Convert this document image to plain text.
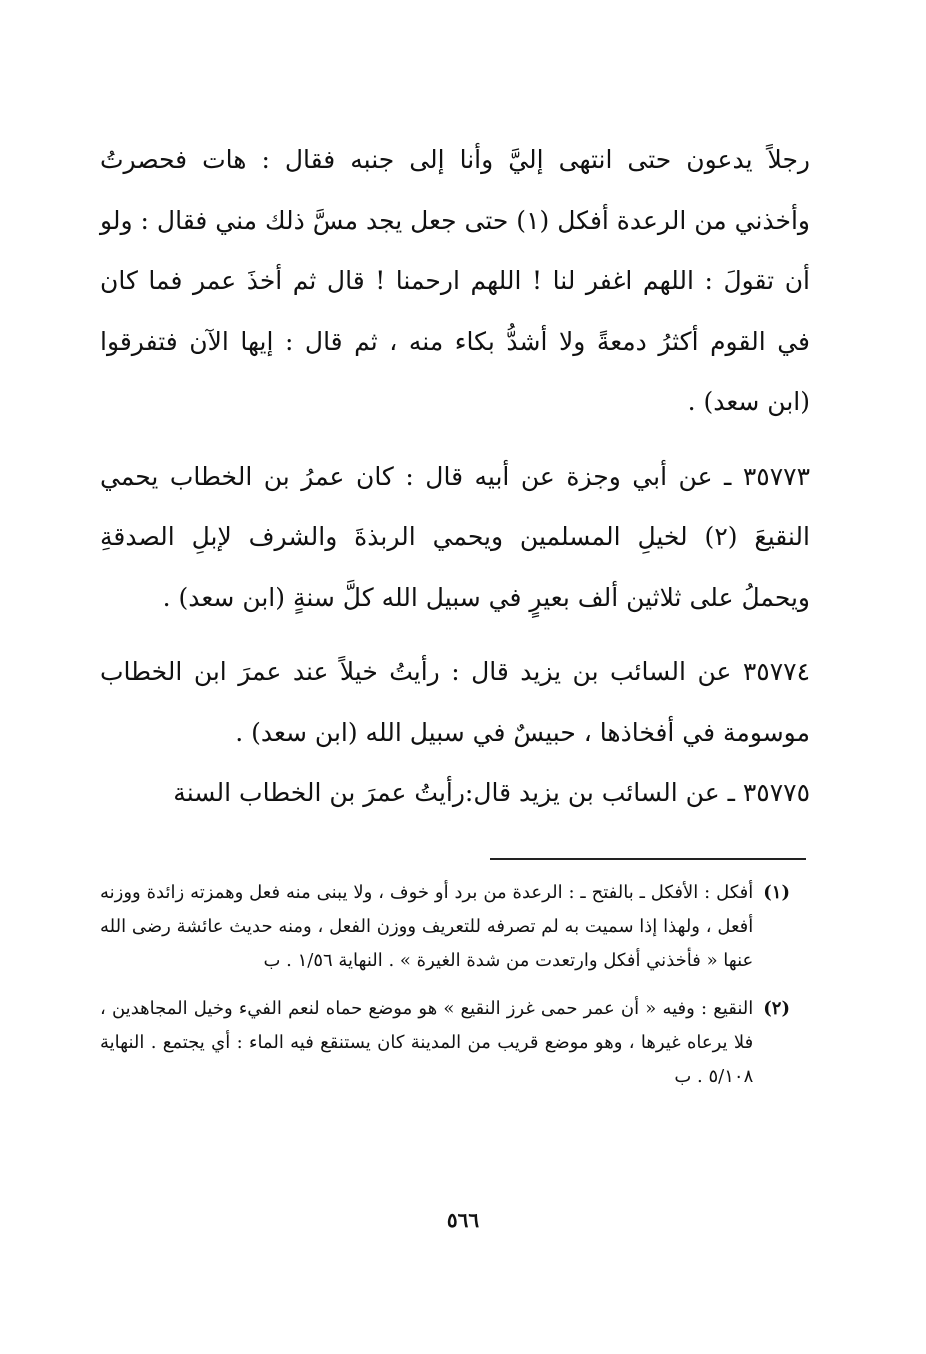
رجلاً يدعون حتى انتهى إليَّ وأنا إلى جنبه فقال : هات فحصرتُ وأخذني من الرعدة أفكل (١) حتى جعل يجد مسَّ ذلك مني فقال : ولو أن تقولَ : اللهم اغفر لنا ! اللهم ارحمنا ! قال ثم أخذَ عمر فما كان في القوم أكثرُ دمعةً ولا أشدُّ بكاء منه ، ثم قال : إيها الآن فتفرقوا (ابن سعد) .

٣٥٧٧٣ ـ عن أبي وجزة عن أبيه قال : كان عمرُ بن الخطاب يحمي النقيعَ (٢) لخيلِ المسلمين ويحمي الربذةَ والشرف لإبلِ الصدقةِ ويحملُ على ثلاثين ألف بعيرٍ في سبيل الله كلَّ سنةٍ (ابن سعد) .

٣٥٧٧٤ عن السائب بن يزيد قال : رأيتُ خيلاً عند عمرَ ابن الخطاب موسومة في أفخاذها ، حبيسٌ في سبيل الله (ابن سعد) .

٣٥٧٧٥ ـ عن السائب بن يزيد قال:رأيتُ عمرَ بن الخطاب السنة

(١)
أفكل : الأفكل ـ بالفتح ـ : الرعدة من برد أو خوف ، ولا يبنى منه فعل وهمزته زائدة ووزنه أفعل ، ولهذا إذا سميت به لم تصرفه للتعريف ووزن الفعل ، ومنه حديث عائشة رضى الله عنها « فأخذني أفكل وارتعدت من شدة الغيرة » . النهاية ١/٥٦ . ب
(٢)
النقيع : وفيه « أن عمر حمى غرز النقيع » هو موضع حماه لنعم الفيء وخيل المجاهدين ، فلا يرعاه غيرها ، وهو موضع قريب من المدينة كان يستنقع فيه الماء : أي يجتمع . النهاية ٥/١٠٨ . ب
٥٦٦
